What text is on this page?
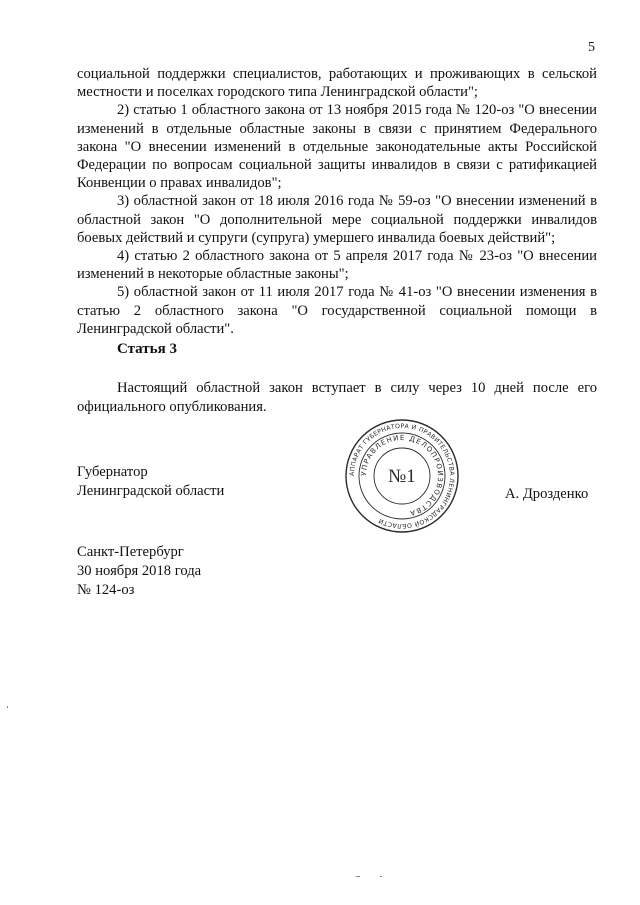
5

социальной поддержки специалистов, работающих и проживающих в сельской местности и поселках городского типа Ленинградской области";

2) статью 1 областного закона от 13 ноября 2015 года № 120-оз "О внесении изменений в отдельные областные законы в связи с принятием Федерального закона "О внесении изменений в отдельные законодательные акты Российской Федерации по вопросам социальной защиты инвалидов в связи с ратификацией Конвенции о правах инвалидов";

3) областной закон от 18 июля 2016 года № 59-оз "О внесении изменений в областной закон "О дополнительной мере социальной поддержки инвалидов боевых действий и супруги (супруга) умершего инвалида боевых действий";

4) статью 2 областного закона от 5 апреля 2017 года № 23-оз "О внесении изменений в некоторые областные законы";

5) областной закон от 11 июля 2017 года № 41-оз "О внесении изменения в статью 2 областного закона "О государственной социальной помощи в Ленинградской области".

Статья 3
Настоящий областной закон вступает в силу через 10 дней после его официального опубликования.
Губернатор
Ленинградской области
АППАРАТ ГУБЕРНАТОРА И ПРАВИТЕЛЬСТВА ЛЕНИНГРАДСКОЙ ОБЛАСТИ
УПРАВЛЕНИЕ ДЕЛОПРОИЗВОДСТВА
№1
А. Дрозденко
Санкт-Петербург
30 ноября 2018 года
№ 124-оз
